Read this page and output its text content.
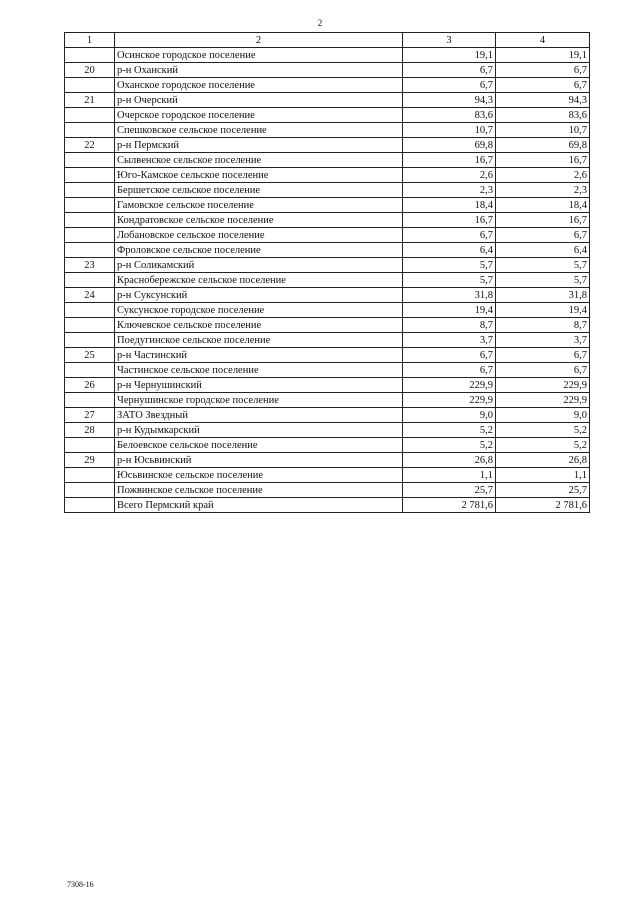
2
1	2	3	4
	Осинское городское поселение	19,1	19,1
20	р-н Оханский	6,7	6,7
	Оханское городское поселение	6,7	6,7
21	р-н Очерский	94,3	94,3
	Очерское городское поселение	83,6	83,6
	Спешковское сельское поселение	10,7	10,7
22	р-н Пермский	69,8	69,8
	Сылвенское сельское поселение	16,7	16,7
	Юго-Камское сельское поселение	2,6	2,6
	Бершетское сельское поселение	2,3	2,3
	Гамовское сельское поселение	18,4	18,4
	Кондратовское сельское поселение	16,7	16,7
	Лобановское сельское поселение	6,7	6,7
	Фроловское сельское поселение	6,4	6,4
23	р-н Соликамский	5,7	5,7
	Краснобережское сельское поселение	5,7	5,7
24	р-н Суксунский	31,8	31,8
	Суксунское городское поселение	19,4	19,4
	Ключевское сельское поселение	8,7	8,7
	Поедугинское сельское поселение	3,7	3,7
25	р-н Частинский	6,7	6,7
	Частинское сельское поселение	6,7	6,7
26	р-н Чернушинский	229,9	229,9
	Чернушинское городское поселение	229,9	229,9
27	ЗАТО Звездный	9,0	9,0
28	р-н Кудымкарский	5,2	5,2
	Белоевское сельское поселение	5,2	5,2
29	р-н Юсьвинский	26,8	26,8
	Юсьвинское сельское поселение	1,1	1,1
	Пожвинское сельское поселение	25,7	25,7
	Всего Пермский край	2 781,6	2 781,6
7308-16
